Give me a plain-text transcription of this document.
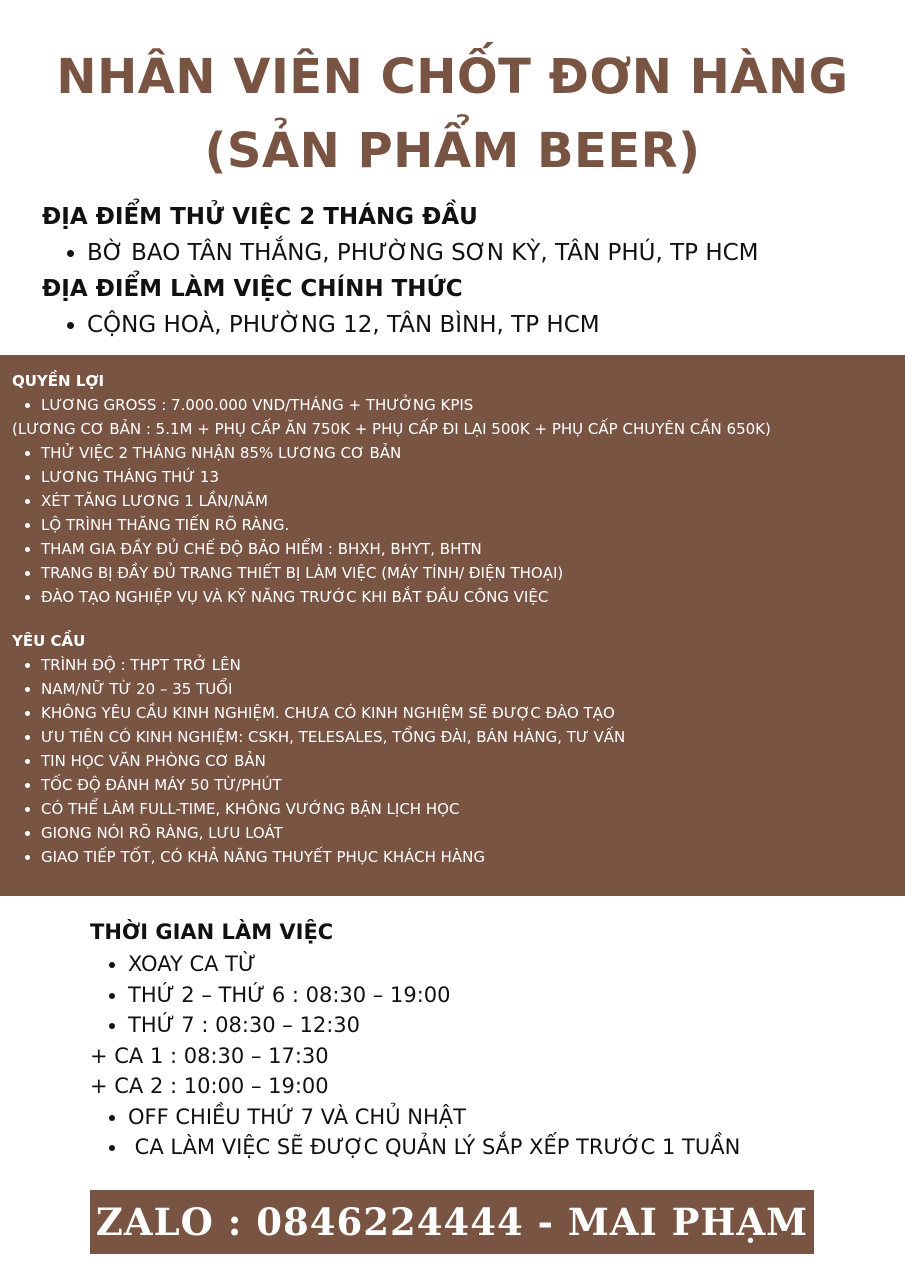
NHÂN VIÊN CHỐT ĐƠN HÀNG
(SẢN PHẨM BEER)
ĐỊA ĐIỂM THỬ VIỆC 2 THÁNG ĐẦU
• BỜ BAO TÂN THẮNG, PHƯỜNG SƠN KỲ, TÂN PHÚ, TP HCM
ĐỊA ĐIỂM LÀM VIỆC CHÍNH THỨC
• CỘNG HOÀ, PHƯỜNG 12, TÂN BÌNH, TP HCM
QUYỀN LỢI
• LƯƠNG GROSS : 7.000.000 VND/THÁNG + THƯỞNG KPIS
(LƯƠNG CƠ BẢN : 5.1M + PHỤ CẤP ĂN 750K + PHỤ CẤP ĐI LẠI 500K + PHỤ CẤP CHUYÊN CẦN 650K)
• THỬ VIỆC 2 THÁNG NHẬN 85% LƯƠNG CƠ BẢN
• LƯƠNG THÁNG THỨ 13
• XÉT TĂNG LƯƠNG 1 LẦN/NĂM
• LỘ TRÌNH THĂNG TIẾN RÕ RÀNG.
• THAM GIA ĐẦY ĐỦ CHẾ ĐỘ BẢO HIỂM : BHXH, BHYT, BHTN
• TRANG BỊ ĐẦY ĐỦ TRANG THIẾT BỊ LÀM VIỆC (MÁY TÍNH/ ĐIỆN THOẠI)
• ĐÀO TẠO NGHIỆP VỤ VÀ KỸ NĂNG TRƯỚC KHI BẮT ĐẦU CÔNG VIỆC
YÊU CẦU
• TRÌNH ĐỘ : THPT TRỞ LÊN
• NAM/NỮ TỪ 20 – 35 TUỔI
• KHÔNG YÊU CẦU KINH NGHIỆM. CHƯA CÓ KINH NGHIỆM SẼ ĐƯỢC ĐÀO TẠO
• ƯU TIÊN CÓ KINH NGHIỆM: CSKH, TELESALES, TỔNG ĐÀI, BÁN HÀNG, TƯ VẤN
• TIN HỌC VĂN PHÒNG CƠ BẢN
• TỐC ĐỘ ĐÁNH MÁY 50 TỪ/PHÚT
• CÓ THỂ LÀM FULL-TIME, KHÔNG VƯỚNG BẬN LỊCH HỌC
• GIONG NÓI RÕ RÀNG, LƯU LOÁT
• GIAO TIẾP TỐT, CÓ KHẢ NĂNG THUYẾT PHỤC KHÁCH HÀNG
THỜI GIAN LÀM VIỆC
• XOAY CA TỪ
• THỨ 2 – THỨ 6 : 08:30 – 19:00
• THỨ 7 : 08:30 – 12:30
+ CA 1 : 08:30 – 17:30
+ CA 2 : 10:00 – 19:00
• OFF CHIỀU THỨ 7 VÀ CHỦ NHẬT
•  CA LÀM VIỆC SẼ ĐƯỢC QUẢN LÝ SẮP XẾP TRƯỚC 1 TUẦN
ZALO : 0846224444 - MAI PHẠM
